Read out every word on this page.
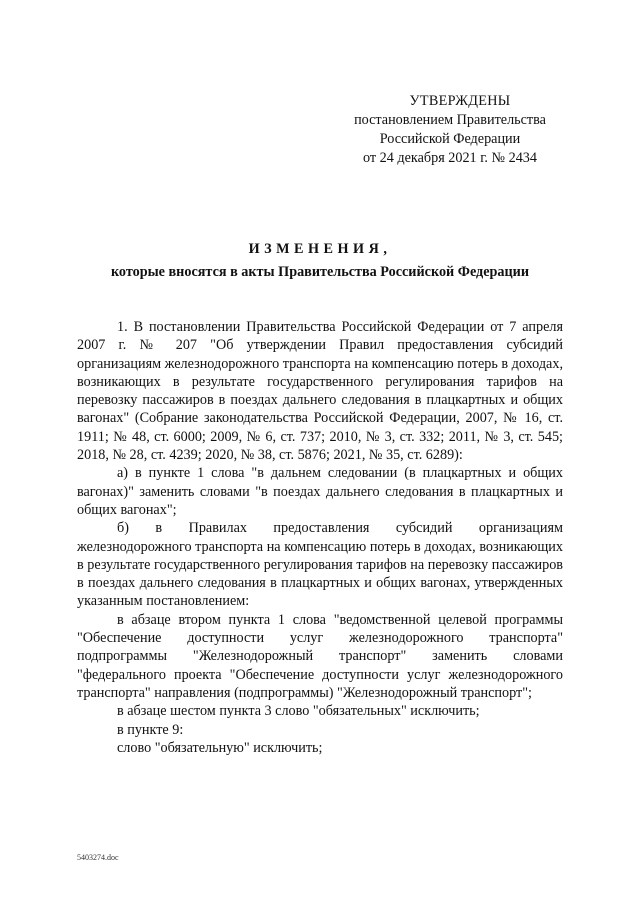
УТВЕРЖДЕНЫ
постановлением Правительства
Российской Федерации
от 24 декабря 2021 г. № 2434
ИЗМЕНЕНИЯ,
которые вносятся в акты Правительства Российской Федерации

1. В постановлении Правительства Российской Федерации от 7 апреля 2007 г. № 207 "Об утверждении Правил предоставления субсидий организациям железнодорожного транспорта на компенсацию потерь в доходах, возникающих в результате государственного регулирования тарифов на перевозку пассажиров в поездах дальнего следования в плацкартных и общих вагонах" (Собрание законодательства Российской Федерации, 2007, № 16, ст. 1911; № 48, ст. 6000; 2009, № 6, ст. 737; 2010, № 3, ст. 332; 2011, № 3, ст. 545; 2018, № 28, ст. 4239; 2020, № 38, ст. 5876; 2021, № 35, ст. 6289):

а) в пункте 1 слова "в дальнем следовании (в плацкартных и общих вагонах)" заменить словами "в поездах дальнего следования в плацкартных и общих вагонах";

б) в Правилах предоставления субсидий организациям железнодорожного транспорта на компенсацию потерь в доходах, возникающих в результате государственного регулирования тарифов на перевозку пассажиров в поездах дальнего следования в плацкартных и общих вагонах, утвержденных указанным постановлением:

в абзаце втором пункта 1 слова "ведомственной целевой программы "Обеспечение доступности услуг железнодорожного транспорта" подпрограммы "Железнодорожный транспорт" заменить словами "федерального проекта "Обеспечение доступности услуг железнодорожного транспорта" направления (подпрограммы) "Железнодорожный транспорт";

в абзаце шестом пункта 3 слово "обязательных" исключить;

в пункте 9:

слово "обязательную" исключить;

5403274.doc
